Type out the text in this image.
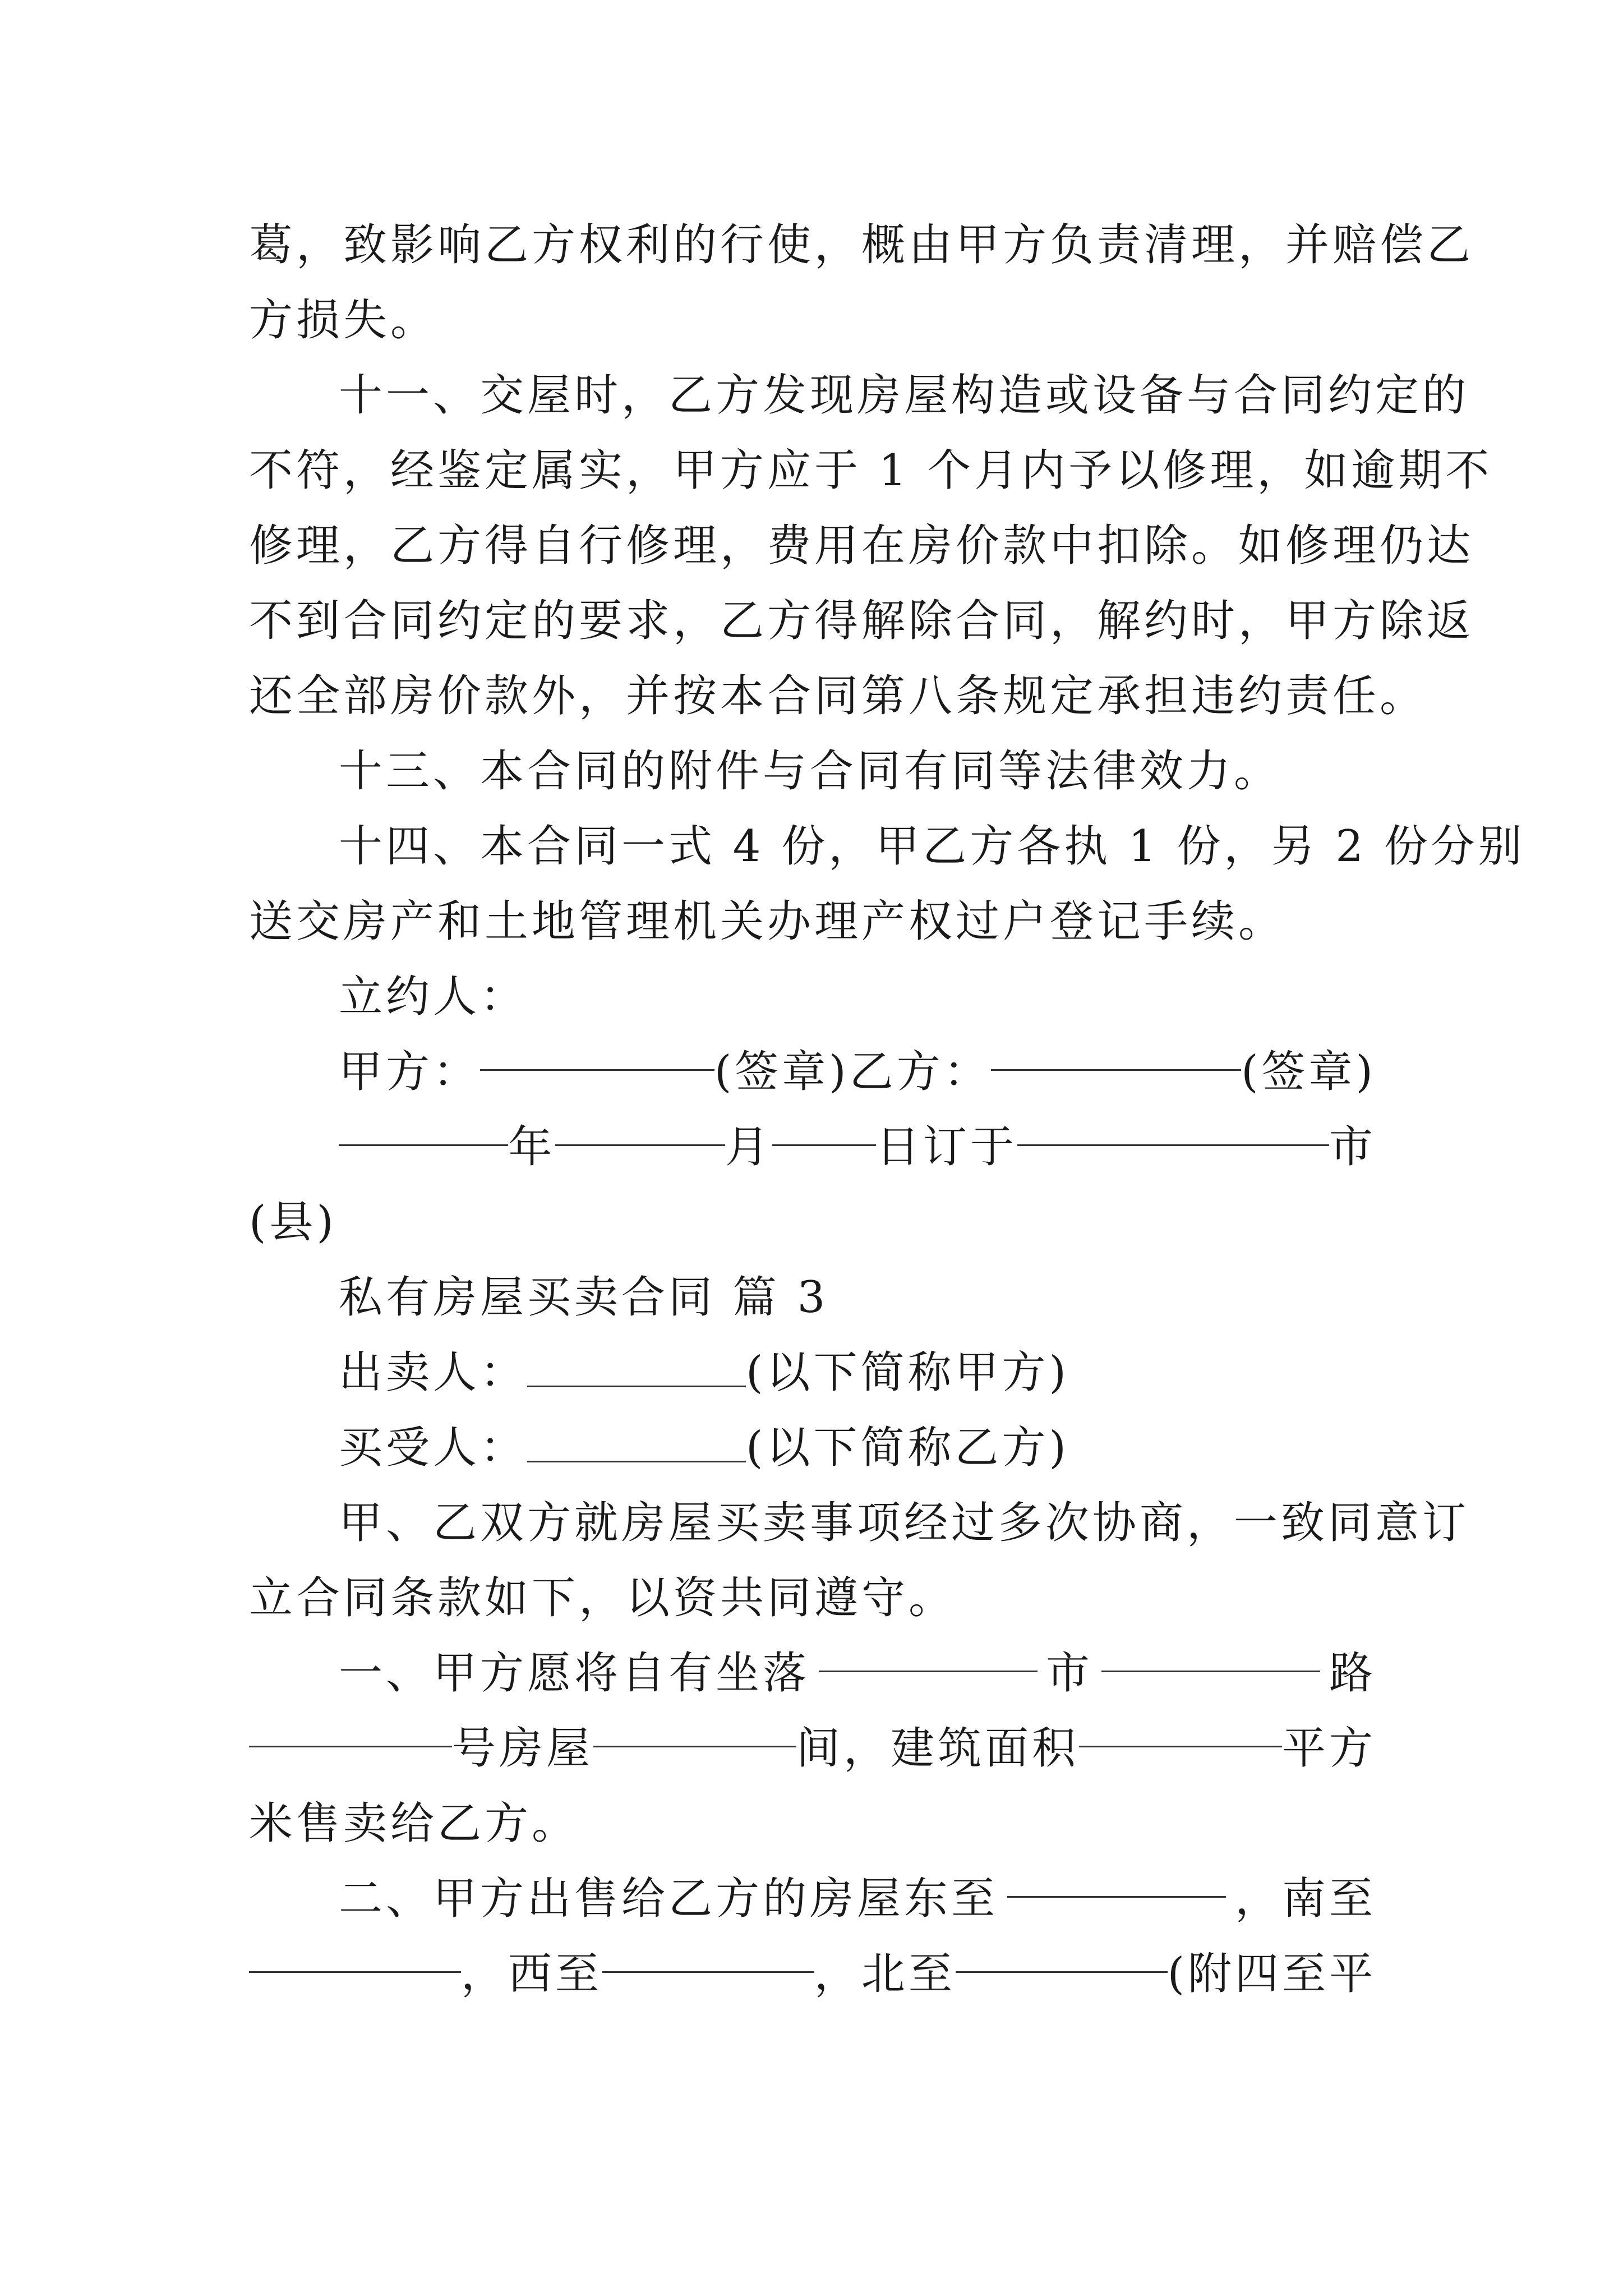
葛，致影响乙方权利的行使，概由甲方负责清理，并赔偿乙
方损失。

十一、交屋时，乙方发现房屋构造或设备与合同约定的
不符，经鉴定属实，甲方应于 1 个月内予以修理，如逾期不
修理，乙方得自行修理，费用在房价款中扣除。如修理仍达
不到合同约定的要求，乙方得解除合同，解约时，甲方除返
还全部房价款外，并按本合同第八条规定承担违约责任。

十三、本合同的附件与合同有同等法律效力。

十四、本合同一式 4 份，甲乙方各执 1 份，另 2 份分别
送交房产和土地管理机关办理产权过户登记手续。

立约人：

甲方：	(签章) 乙方：	(签章)
年	月 日订于	市
(县)
私有房屋买卖合同 篇 3
出卖人：	(以下简称甲方)
买受人：	(以下简称乙方)

甲、乙双方就房屋买卖事项经过多次协商，一致同意订
立合同条款如下，以资共同遵守。

一、甲方愿将自有坐落	市	路
号房屋	间，建筑面积	平方
米售卖给乙方。
二、甲方出售给乙方的房屋东至	，南至
，西至	，北至	(附四至平
